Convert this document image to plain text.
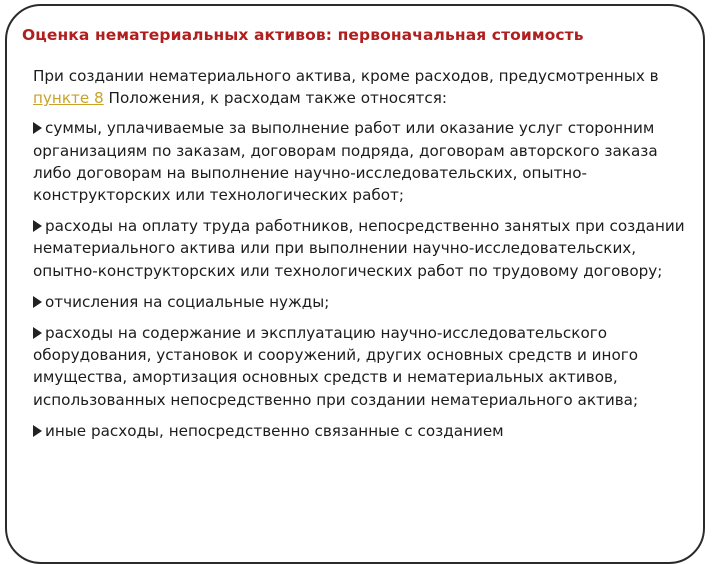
Оценка нематериальных активов: первоначальная стоимость

При создании нематериального актива, кроме расходов, предусмотренных в пункте 8 Положения, к расходам также относятся:

суммы, уплачиваемые за выполнение работ или оказание услуг сторонним организациям по заказам, договорам подряда, договорам авторского заказа либо договорам на выполнение научно-исследовательских, опытно-конструкторских или технологических работ;

расходы на оплату труда работников, непосредственно занятых при создании нематериального актива или при выполнении научно-исследовательских, опытно-конструкторских или технологических работ по трудовому договору;

отчисления на социальные нужды;

расходы на содержание и эксплуатацию научно-исследовательского оборудования, установок и сооружений, других основных средств и иного имущества, амортизация основных средств и нематериальных активов, использованных непосредственно при создании нематериального актива;

иные расходы, непосредственно связанные с созданием
